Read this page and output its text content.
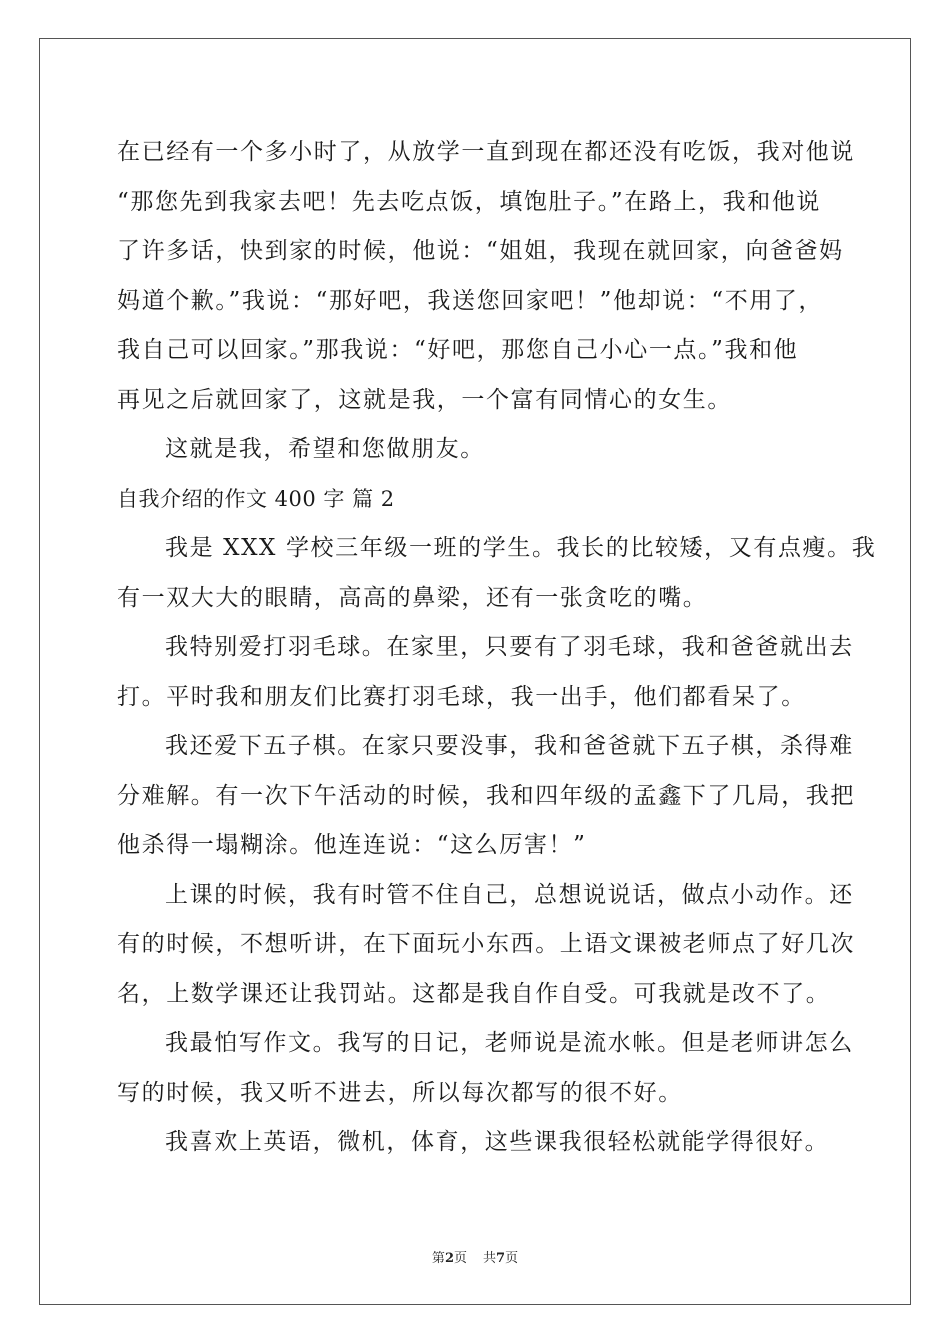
在已经有一个多小时了，从放学一直到现在都还没有吃饭，我对他说
“那您先到我家去吧！先去吃点饭，填饱肚子。”在路上，我和他说
了许多话，快到家的时候，他说：“姐姐，我现在就回家，向爸爸妈
妈道个歉。”我说：“那好吧，我送您回家吧！”他却说：“不用了，
我自己可以回家。”那我说：“好吧，那您自己小心一点。”我和他
再见之后就回家了，这就是我，一个富有同情心的女生。
这就是我，希望和您做朋友。
自我介绍的作文 400 字 篇 2
我是 XXX 学校三年级一班的学生。我长的比较矮，又有点瘦。我
有一双大大的眼睛，高高的鼻梁，还有一张贪吃的嘴。
我特别爱打羽毛球。在家里，只要有了羽毛球，我和爸爸就出去
打。平时我和朋友们比赛打羽毛球，我一出手，他们都看呆了。
我还爱下五子棋。在家只要没事，我和爸爸就下五子棋，杀得难
分难解。有一次下午活动的时候，我和四年级的孟鑫下了几局，我把
他杀得一塌糊涂。他连连说：“这么厉害！”
上课的时候，我有时管不住自己，总想说说话，做点小动作。还
有的时候，不想听讲，在下面玩小东西。上语文课被老师点了好几次
名，上数学课还让我罚站。这都是我自作自受。可我就是改不了。
我最怕写作文。我写的日记，老师说是流水帐。但是老师讲怎么
写的时候，我又听不进去，所以每次都写的很不好。
我喜欢上英语，微机，体育，这些课我很轻松就能学得很好。
第2页 共7页
